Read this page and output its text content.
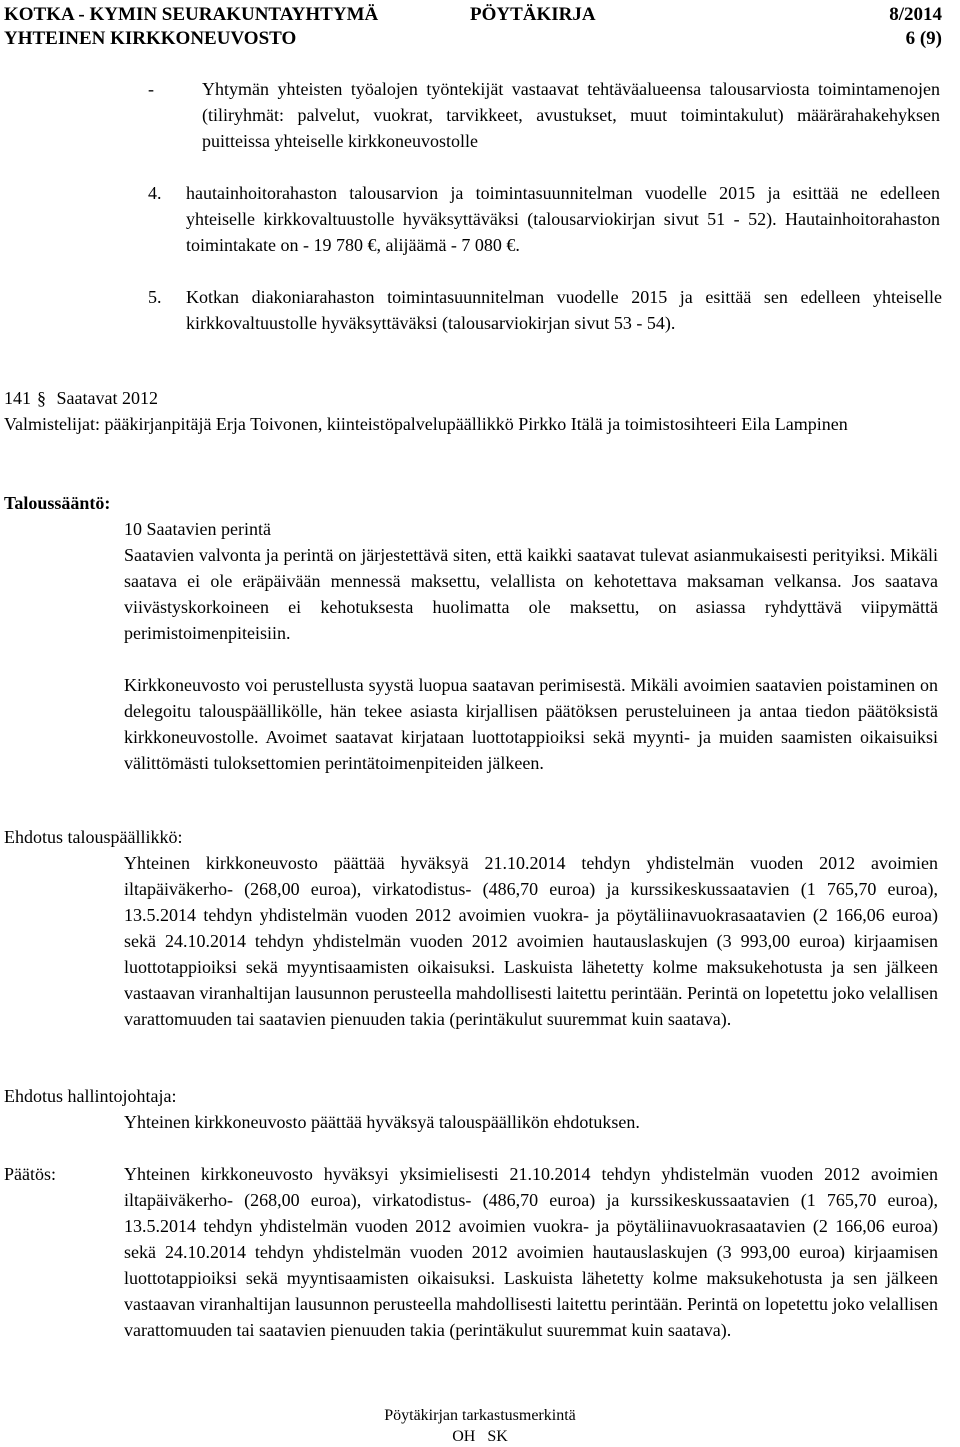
KOTKA - KYMIN SEURAKUNTAYHTYMÄ	PÖYTÄKIRJA	8/2014
YHTEINEN KIRKKONEUVOSTO	6 (9)
-	Yhtymän yhteisten työalojen työntekijät vastaavat tehtäväalueensa talousarviosta toimintamenojen (tiliryhmät: palvelut, vuokrat, tarvikkeet, avustukset, muut toimintakulut) määrärahakehyksen puitteissa yhteiselle kirkkoneuvostolle

4. hautainhoitorahaston talousarvion ja toimintasuunnitelman vuodelle 2015 ja esittää ne edelleen yhteiselle kirkkovaltuustolle hyväksyttäväksi (talousarviokirjan sivut 51 - 52). Hautainhoitorahaston toimintakate on - 19 780 €, alijäämä - 7 080 €.

5. Kotkan diakoniarahaston toimintasuunnitelman vuodelle 2015 ja esittää sen edelleen yhteiselle kirkkovaltuustolle hyväksyttäväksi (talousarviokirjan sivut 53 - 54).

141 § Saatavat 2012

Valmistelijat: pääkirjanpitäjä Erja Toivonen, kiinteistöpalvelupäällikkö Pirkko Itälä ja toimistosihteeri Eila Lampinen

Taloussääntö:
10 Saatavien perintä

Saatavien valvonta ja perintä on järjestettävä siten, että kaikki saatavat tulevat asianmukaisesti perityiksi. Mikäli saatava ei ole eräpäivään mennessä maksettu, velallista on kehotettava maksaman velkansa. Jos saatava viivästyskorkoineen ei kehotuksesta huolimatta ole maksettu, on asiassa ryhdyttävä viipymättä perimistoimenpiteisiin.

Kirkkoneuvosto voi perustellusta syystä luopua saatavan perimisestä. Mikäli avoimien saatavien poistaminen on delegoitu talouspäällikölle, hän tekee asiasta kirjallisen päätöksen perusteluineen ja antaa tiedon päätöksistä kirkkoneuvostolle. Avoimet saatavat kirjataan luottotappioiksi sekä myynti- ja muiden saamisten oikaisuiksi välittömästi tuloksettomien perintätoimenpiteiden jälkeen.

Ehdotus talouspäällikkö:

Yhteinen kirkkoneuvosto päättää hyväksyä 21.10.2014 tehdyn yhdistelmän vuoden 2012 avoimien iltapäiväkerho- (268,00 euroa), virkatodistus- (486,70 euroa) ja kurssikeskussaatavien (1 765,70 euroa), 13.5.2014 tehdyn yhdistelmän vuoden 2012 avoimien vuokra- ja pöytäliinavuokrasaatavien (2 166,06 euroa) sekä 24.10.2014 tehdyn yhdistelmän vuoden 2012 avoimien hautauslaskujen (3 993,00 euroa) kirjaamisen luottotappioiksi sekä myyntisaamisten oikaisuksi. Laskuista lähetetty kolme maksukehotusta ja sen jälkeen vastaavan viranhaltijan lausunnon perusteella mahdollisesti laitettu perintään. Perintä on lopetettu joko velallisen varattomuuden tai saatavien pienuuden takia (perintäkulut suuremmat kuin saatava).

Ehdotus hallintojohtaja:

Yhteinen kirkkoneuvosto päättää hyväksyä talouspäällikön ehdotuksen.

Päätös:	Yhteinen kirkkoneuvosto hyväksyi yksimielisesti 21.10.2014 tehdyn yhdistelmän vuoden 2012 avoimien iltapäiväkerho- (268,00 euroa), virkatodistus- (486,70 euroa) ja kurssikeskussaatavien (1 765,70 euroa), 13.5.2014 tehdyn yhdistelmän vuoden 2012 avoimien vuokra- ja pöytäliinavuokrasaatavien (2 166,06 euroa) sekä 24.10.2014 tehdyn yhdistelmän vuoden 2012 avoimien hautauslaskujen (3 993,00 euroa) kirjaamisen luottotappioiksi sekä myyntisaamisten oikaisuksi. Laskuista lähetetty kolme maksukehotusta ja sen jälkeen vastaavan viranhaltijan lausunnon perusteella mahdollisesti laitettu perintään. Perintä on lopetettu joko velallisen varattomuuden tai saatavien pienuuden takia (perintäkulut suuremmat kuin saatava).

Pöytäkirjan tarkastusmerkintä
OH SK
